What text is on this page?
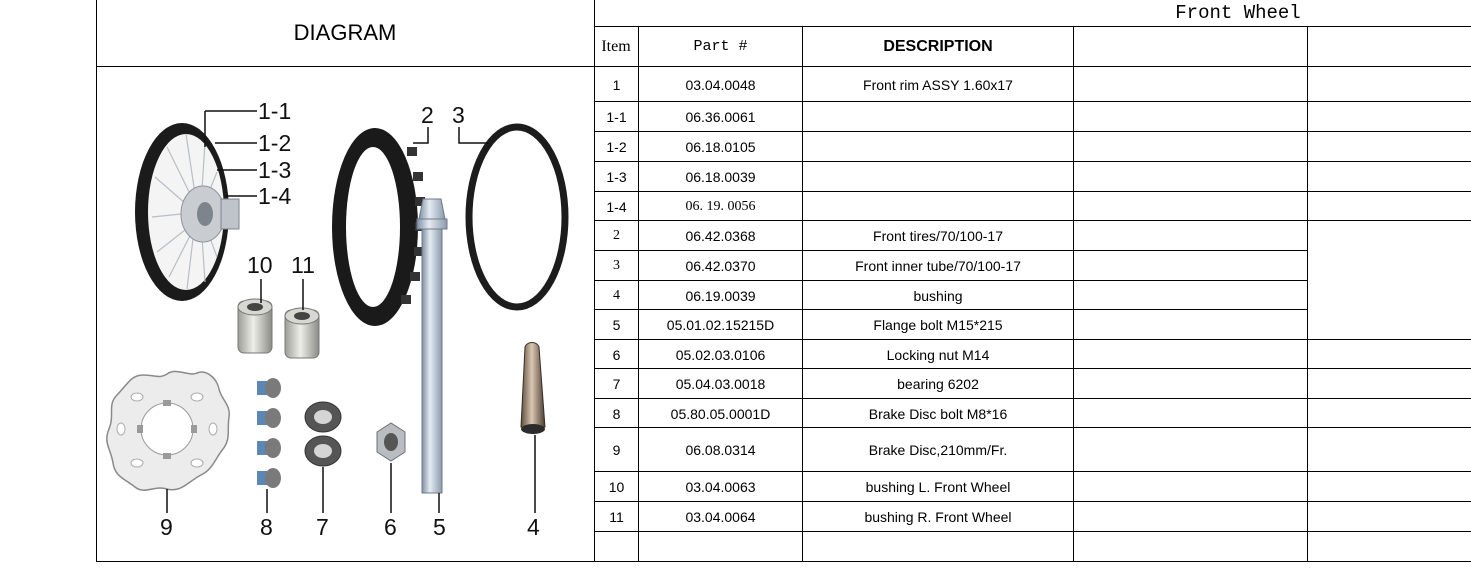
DIAGRAM
Front Wheel
Item	Part #	DESCRIPTION
1	03.04.0048	Front rim ASSY 1.60x17
1-1	06.36.0061
1-2	06.18.0105
1-3	06.18.0039
1-4	06. 19. 0056
2	06.42.0368	Front tires/70/100-17
3	06.42.0370	Front inner tube/70/100-17
4	06.19.0039	bushing
5	05.01.02.15215D	Flange bolt M15*215
6	05.02.03.0106	Locking nut M14
7	05.04.03.0018	bearing 6202
8	05.80.05.0001D	Brake Disc bolt M8*16
9	06.08.0314	Brake Disc,210mm/Fr.
10	03.04.0063	bushing L. Front Wheel
11	03.04.0064	bushing R. Front Wheel
1-1
1-2
1-3
1-4
2 3
10 11
9	8 7 6 5	4
